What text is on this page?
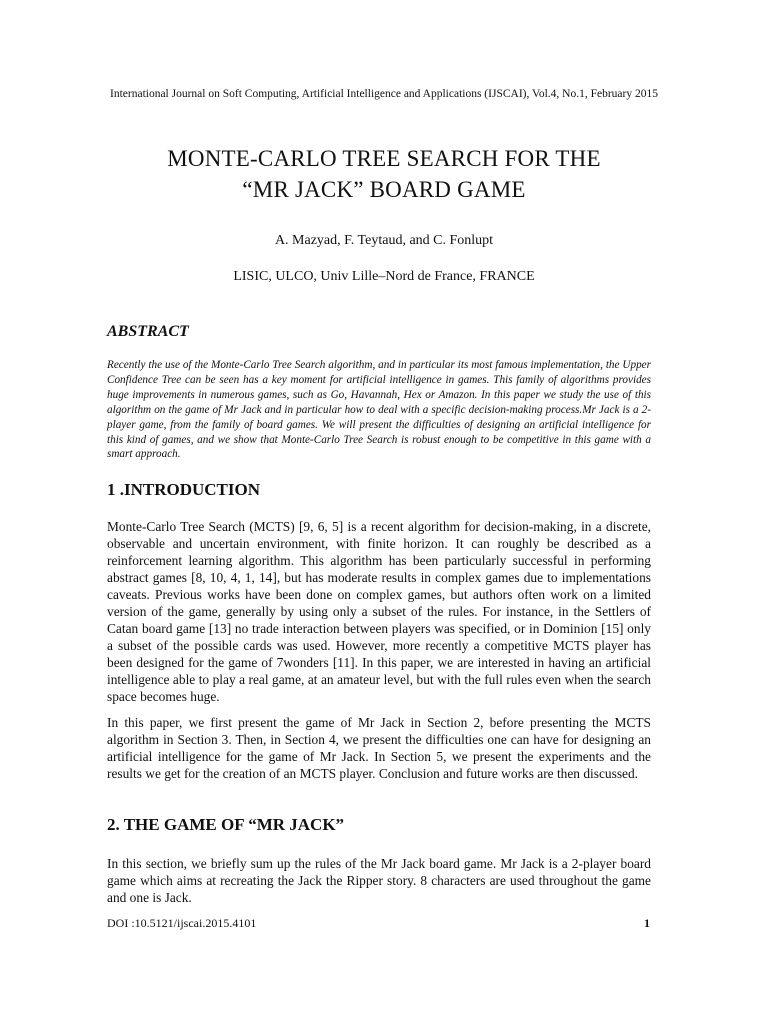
International Journal on Soft Computing, Artificial Intelligence and Applications (IJSCAI), Vol.4, No.1, February 2015
MONTE-CARLO TREE SEARCH FOR THE
“MR JACK” BOARD GAME
A. Mazyad, F. Teytaud, and C. Fonlupt
LISIC, ULCO, Univ Lille–Nord de France, FRANCE
ABSTRACT

Recently the use of the Monte-Carlo Tree Search algorithm, and in particular its most famous implementation, the Upper Confidence Tree can be seen has a key moment for artificial intelligence in games. This family of algorithms provides huge improvements in numerous games, such as Go, Havannah, Hex or Amazon. In this paper we study the use of this algorithm on the game of Mr Jack and in particular how to deal with a specific decision-making process.Mr Jack is a 2-player game, from the family of board games. We will present the difficulties of designing an artificial intelligence for this kind of games, and we show that Monte-Carlo Tree Search is robust enough to be competitive in this game with a smart approach.

1 .INTRODUCTION

Monte-Carlo Tree Search (MCTS) [9, 6, 5] is a recent algorithm for decision-making, in a discrete, observable and uncertain environment, with finite horizon. It can roughly be described as a reinforcement learning algorithm. This algorithm has been particularly successful in performing abstract games [8, 10, 4, 1, 14], but has moderate results in complex games due to implementations caveats. Previous works have been done on complex games, but authors often work on a limited version of the game, generally by using only a subset of the rules. For instance, in the Settlers of Catan board game [13] no trade interaction between players was specified, or in Dominion [15] only a subset of the possible cards was used. However, more recently a competitive MCTS player has been designed for the game of 7wonders [11]. In this paper, we are interested in having an artificial intelligence able to play a real game, at an amateur level, but with the full rules even when the search space becomes huge.

In this paper, we first present the game of Mr Jack in Section 2, before presenting the MCTS algorithm in Section 3. Then, in Section 4, we present the difficulties one can have for designing an artificial intelligence for the game of Mr Jack. In Section 5, we present the experiments and the results we get for the creation of an MCTS player. Conclusion and future works are then discussed.

2. THE GAME OF “MR JACK”

In this section, we briefly sum up the rules of the Mr Jack board game. Mr Jack is a 2-player board game which aims at recreating the Jack the Ripper story. 8 characters are used throughout the game and one is Jack.

DOI :10.5121/ijscai.2015.4101	1
